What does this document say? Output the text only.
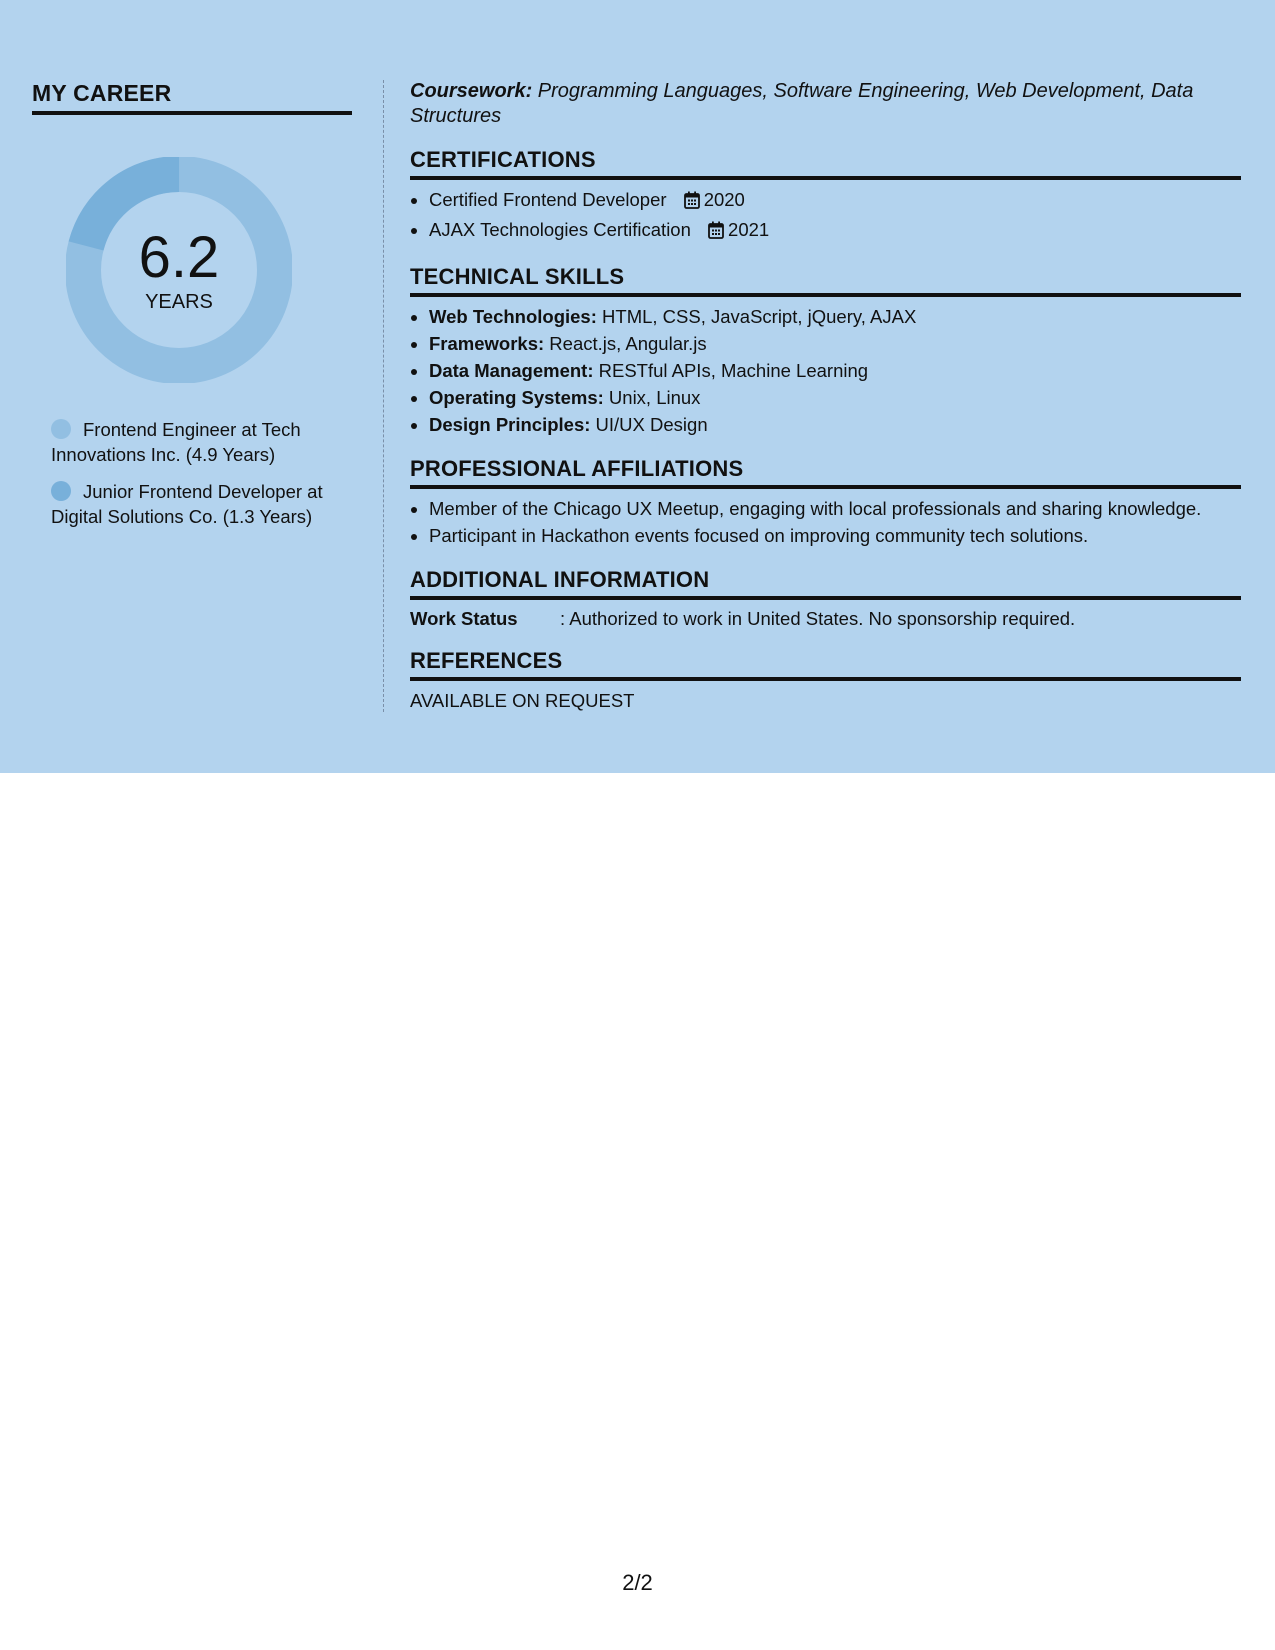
MY CAREER
6.2
YEARS
Frontend Engineer at Tech Innovations Inc. (4.9 Years)
Junior Frontend Developer at Digital Solutions Co. (1.3 Years)
Coursework: Programming Languages, Software Engineering, Web Development, Data Structures
CERTIFICATIONS
• Certified Frontend Developer 2020
• AJAX Technologies Certification 2021
TECHNICAL SKILLS
• Web Technologies: HTML, CSS, JavaScript, jQuery, AJAX
• Frameworks: React.js, Angular.js
• Data Management: RESTful APIs, Machine Learning
• Operating Systems: Unix, Linux
• Design Principles: UI/UX Design
PROFESSIONAL AFFILIATIONS
• Member of the Chicago UX Meetup, engaging with local professionals and sharing knowledge.
• Participant in Hackathon events focused on improving community tech solutions.
ADDITIONAL INFORMATION
Work Status : Authorized to work in United States. No sponsorship required.
REFERENCES
AVAILABLE ON REQUEST
2/2
